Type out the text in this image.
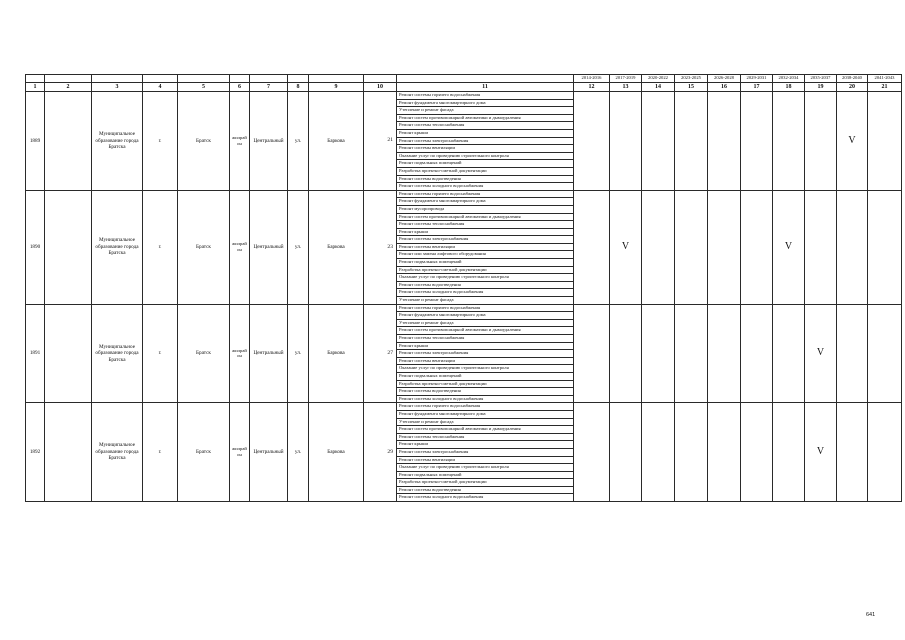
											2014-2016	2017-2019	2020-2022	2023-2025	2026-2028	2029-2031	2032-2034	2035-2037	2038-2040	2041-2043
1	2	3	4	5	6	7	8	9	10	11	12	13	14	15	16	17	18	19	20	21
1889		Муниципальное образование города Братска	г.	Братск	жилрай он	Центральный	ул.	Баркова	21	Ремонт системы горячего водоснабжения									V	
										Ремонт фундамента многоквартирного дома										
										Утепление и ремонт фасада										
										Ремонт систем противопожарной автоматики и дымоудаления										
										Ремонт системы теплоснабжения										
										Ремонт крыши										
										Ремонт системы электроснабжения										
										Ремонт системы вентиляции										
										Оказание услуг по проведению строительного контроля										
										Ремонт подвальных помещений										
										Разработка проектно-сметной документации										
										Ремонт системы водоотведения										
										Ремонт системы холодного водоснабжения										
1890		Муниципальное образование города Братска	г.	Братск	жилрай он	Центральный	ул.	Баркова	23	Ремонт системы горячего водоснабжения		V					V			
										Ремонт фундамента многоквартирного дома										
										Ремонт мусоропровода										
										Ремонт систем противопожарной автоматики и дымоудаления										
										Ремонт системы теплоснабжения										
										Ремонт крыши										
										Ремонт системы электроснабжения										
										Ремонт системы вентиляции										
										Ремонт или замена лифтового оборудования										
										Ремонт подвальных помещений										
										Разработка проектно-сметной документации										
										Оказание услуг по проведению строительного контроля										
										Ремонт системы водоотведения										
										Ремонт системы холодного водоснабжения										
										Утепление и ремонт фасада										
1891		Муниципальное образование города Братска	г.	Братск	жилрай он	Центральный	ул.	Баркова	27	Ремонт системы горячего водоснабжения								V		
										Ремонт фундамента многоквартирного дома										
										Утепление и ремонт фасада										
										Ремонт систем противопожарной автоматики и дымоудаления										
										Ремонт системы теплоснабжения										
										Ремонт крыши										
										Ремонт системы электроснабжения										
										Ремонт системы вентиляции										
										Оказание услуг по проведению строительного контроля										
										Ремонт подвальных помещений										
										Разработка проектно-сметной документации										
										Ремонт системы водоотведения										
										Ремонт системы холодного водоснабжения										
1892		Муниципальное образование города Братска	г.	Братск	жилрай он	Центральный	ул.	Баркова	29	Ремонт системы горячего водоснабжения								V		
										Ремонт фундамента многоквартирного дома										
										Утепление и ремонт фасада										
										Ремонт систем противопожарной автоматики и дымоудаления										
										Ремонт системы теплоснабжения										
										Ремонт крыши										
										Ремонт системы электроснабжения										
										Ремонт системы вентиляции										
										Оказание услуг по проведению строительного контроля										
										Ремонт подвальных помещений										
										Разработка проектно-сметной документации										
										Ремонт системы водоотведения										
										Ремонт системы холодного водоснабжения										
641
